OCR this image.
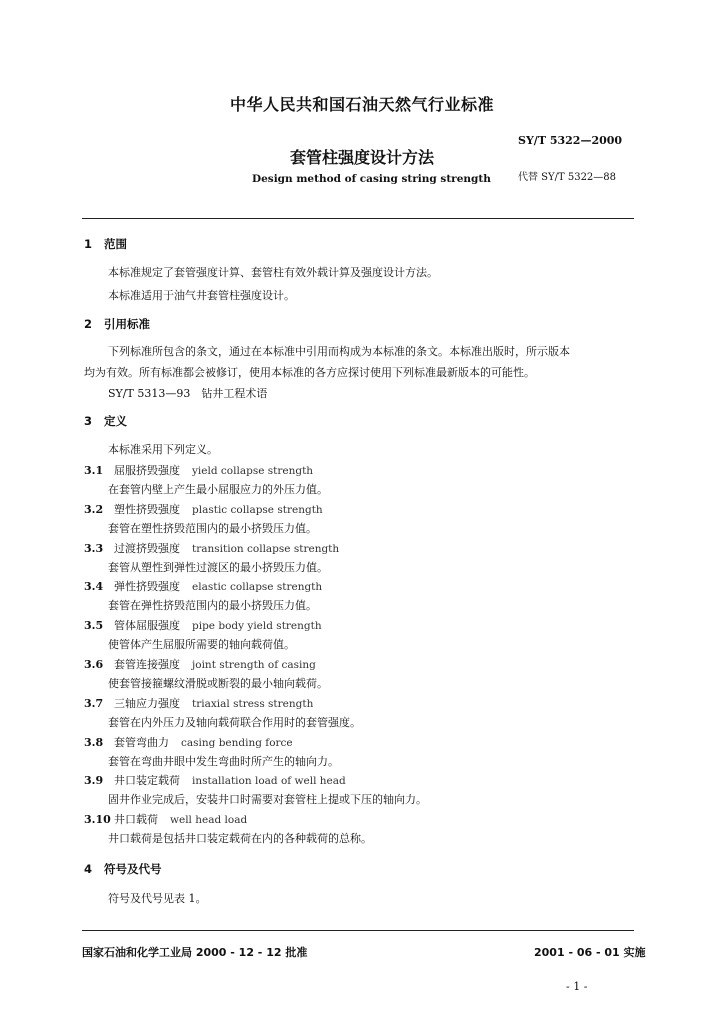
中华人民共和国石油天然气行业标准
SY/T 5322—2000
套管柱强度设计方法
Design method of casing string strength	代替 SY/T 5322—88
1 范围
本标准规定了套管强度计算、套管柱有效外载计算及强度设计方法。
本标准适用于油气井套管柱强度设计。
2 引用标准
下列标准所包含的条文，通过在本标准中引用而构成为本标准的条文。本标准出版时，所示版本
均为有效。所有标准都会被修订，使用本标准的各方应探讨使用下列标准最新版本的可能性。
SY/T 5313—93　钻井工程术语
3 定义
本标准采用下列定义。
3.1 屈服挤毁强度 yield collapse strength
在套管内壁上产生最小屈服应力的外压力值。
3.2 塑性挤毁强度 plastic collapse strength
套管在塑性挤毁范围内的最小挤毁压力值。
3.3 过渡挤毁强度 transition collapse strength
套管从塑性到弹性过渡区的最小挤毁压力值。
3.4 弹性挤毁强度 elastic collapse strength
套管在弹性挤毁范围内的最小挤毁压力值。
3.5 管体屈服强度 pipe body yield strength
使管体产生屈服所需要的轴向载荷值。
3.6 套管连接强度 joint strength of casing
使套管接箍螺纹滑脱或断裂的最小轴向载荷。
3.7 三轴应力强度 triaxial stress strength
套管在内外压力及轴向载荷联合作用时的套管强度。
3.8 套管弯曲力 casing bending force
套管在弯曲井眼中发生弯曲时所产生的轴向力。
3.9 井口装定载荷 installation load of well head
固井作业完成后，安装井口时需要对套管柱上提或下压的轴向力。
3.10 井口载荷 well head load
井口载荷是包括井口装定载荷在内的各种载荷的总称。
4 符号及代号
符号及代号见表 1。
国家石油和化学工业局 2000 - 12 - 12 批准	2001 - 06 - 01 实施
- 1 -
